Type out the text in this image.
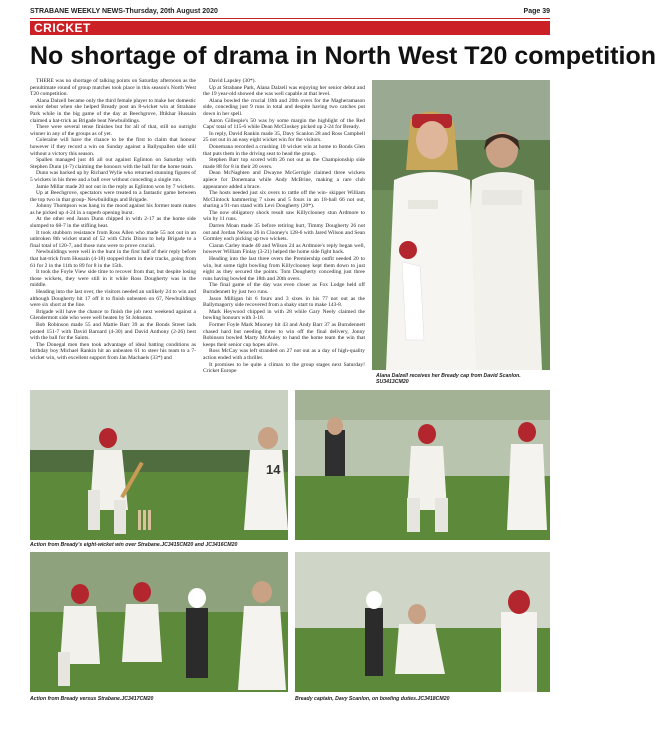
STRABANE WEEKLY NEWS-Thursday, 20th August 2020	Page 39
CRICKET
No shortage of drama in North West T20 competition

THERE was no shortage of talking points on Saturday afternoon as the penultimate round of group matches took place in this season's North West T20 competition.

Alana Dalzell became only the third female player to make her domestic senior debut when she helped Bready post an 8-wicket win at Strabane Park while in the big game of the day at Beechgrove, Iftikhar Hussain claimed a hat-trick as Brigade beat Newbuildings.

There were several tense finishes but for all of that, still no outright winner in any of the groups as of yet.

Coleraine will have the chance to be the first to claim that honour however if they record a win on Sunday against a Ballyspallen side still without a victory this season.

Spallen managed just 46 all out against Eglinton on Saturday with Stephen Dunn (4-7) claiming the honours with the ball for the home team.

Dunn was backed up by Richard Wylie who returned stunning figures of 5 wickets in his three and a ball over without conceding a single run.

Jamie Millar made 20 not out in the reply as Eglinton won by 7 wickets.

Up at Beechgrove, spectators were treated to a fantastic game between the top two in that group- Newbuildings and Brigade.

Johnny Thompson was hang in the mood against his former team mates as he picked up 4-24 in a superb opening burst.

At the other end Jason Dunn chipped in with 2-17 as the home side slumped to 68-7 in the stifling heat.

It took stubborn resistance from Ross Allen who made 55 not out in an unbroken 8th wicket stand of 52 with Chris Dixon to help Brigade to a final total of 120-7, and those runs were to prove crucial.

Newbuildings were well in the hunt in the first half of their reply before that hat-trick from Hussain (4-18) stopped them in their tracks, going from 61 for 2 in the 11th to 89 for 8 in the 15th.

It took the Foyle View side time to recover from that, but despite losing those wickets, they were still in it while Ross Dougherty was in the middle.

Heading into the last over, the visitors needed an unlikely 24 to win and although Dougherty hit 17 off it to finish unbeaten on 67, Newbuildings were six short at the line.

Brigade will have the chance to finish the job next weekend against a Glendermott side who were well beaten by St Johnston.

Bob Robinson made 55 and Mattie Barr 39 as the Bonds Street lads posted 151-7 with David Barnard (4-30) and David Anthony (2-26) best with the ball for the Saints.

The Donegal men then took advantage of ideal batting conditions as birthday boy Michael Rankin hit an unbeaten 61 to steer his team to a 7-wicket win, with excellent support from Jan Machaels (33*) and

David Lapsley (30*).

Up at Strabane Park, Alana Dalzell was enjoying her senior debut and the 19 year-old showed she was well capable at that level.

Alana bowled the crucial 18th and 20th overs for the Magheramason side, conceding just 9 runs in total and despite having two catches put down in her spell.

Aaron Gillespie's 50 was by some margin the highlight of the Red Caps' total of 115-6 while Dean McCloskey picked up 2-24 for Bready.

In reply, David Rankin made 35, Davy Scanlon 28 and Ross Campbell 25 not out in an easy eight wicket win for the visitors.

Donemana recorded a crushing 10 wicket win at home to Bonds Glen that puts them in the driving seat to head the group.

Stephen Barr top scored with 26 not out as the Championship side made 88 for 8 in their 20 overs.

Dean McNaghten and Dwayne McGerrigle claimed three wickets apiece for Donemana while Andy McBrine, making a rare club appearance added a brace.

The hosts needed just six overs to rattle off the win- skipper William McClintock hammering 7 sixes and 5 fours in an 18-ball 66 not out, sharing a 91-run stand with Levi Dougherty (20*).

The now obligatory shock result saw Killyclooney stun Ardmore to win by 11 runs.

Darren Moan made 35 before retiring hurt, Timmy Dougherty 26 not out and Jordan Nelson 26 in Clooney's 128-6 with Jared Wilson and Sean Gormley each picking up two wickets.

Ciaran Carley made 40 and Wilson 24 as Ardmore's reply began well, however William Finlay (3-21) helped the home side fight back.

Heading into the last three overs the Premiership outfit needed 20 to win, but some tight bowling from Killyclooney kept them down to just eight as they secured the points. Tom Dougherty conceding just three runs having bowled the 18th and 20th overs.

The final game of the day was even closer as Fox Lodge held off Burndennett by just two runs.

Jason Milligan hit 6 fours and 3 sixes in his 77 not out as the Ballymagorry side recovered from a shaky start to make 143-8.

Mark Heywood chipped in with 28 while Gary Neely claimed the bowling honours with 3-18.

Former Foyle Mark Mooney hit 43 and Andy Barr 37 as Burndennett chased hard but needing three to win off the final delivery, Jonny Robinson bowled Marty McAuley to hand the home team the win that keeps their senior cup hopes alive.

Ross McCay was left stranded on 27 not out as a day of high-quality action ended with a thriller.

It promises to be quite a climax to the group stages next Saturday! Cricket Europe

Alana Dalzell receives her Bready cap from David Scanlon. SU3413CM20
14
Action from Bready's eight-wicket win over Strabane.JC3415CM20 and JC3416CM20
Action from Bready versus Strabane.JC3417CM20	Bready captain, Davy Scanlon, on bowling duties.JC3418CM20
